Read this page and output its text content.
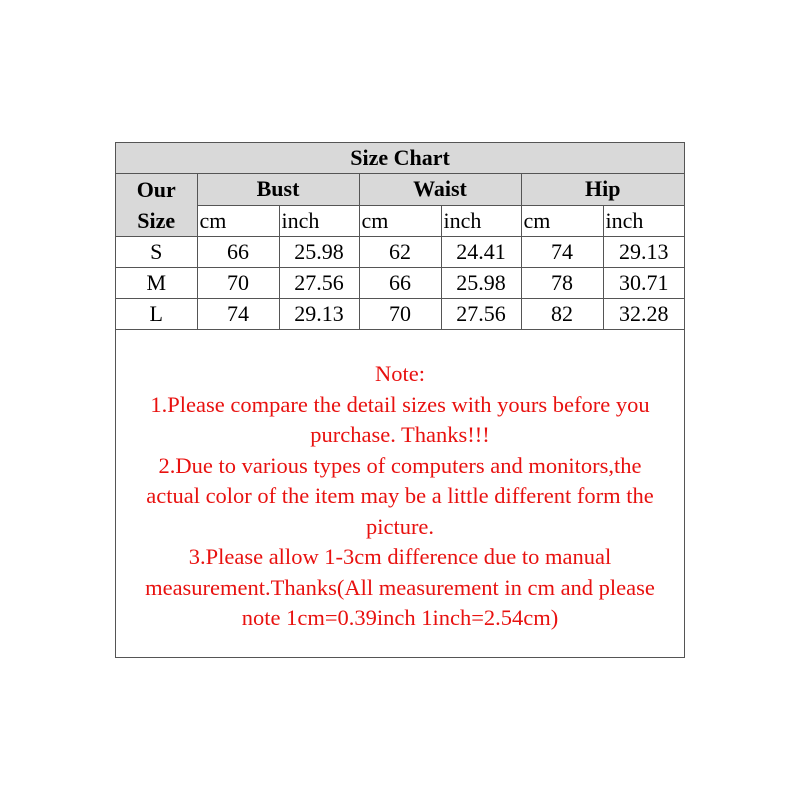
Size Chart						
Our
Size	Bust		Waist		Hip	
	cm	inch	cm	inch	cm	inch
S	66	25.98	62	24.41	74	29.13
M	70	27.56	66	25.98	78	30.71
L	74	29.13	70	27.56	82	32.28
Note:
1.Please compare the detail sizes with yours before you
purchase. Thanks!!!
2.Due to various types of computers and monitors,the
actual color of the item may be a little different form the
picture.
3.Please allow 1-3cm difference due to manual
measurement.Thanks(All measurement in cm and please
note 1cm=0.39inch 1inch=2.54cm)
